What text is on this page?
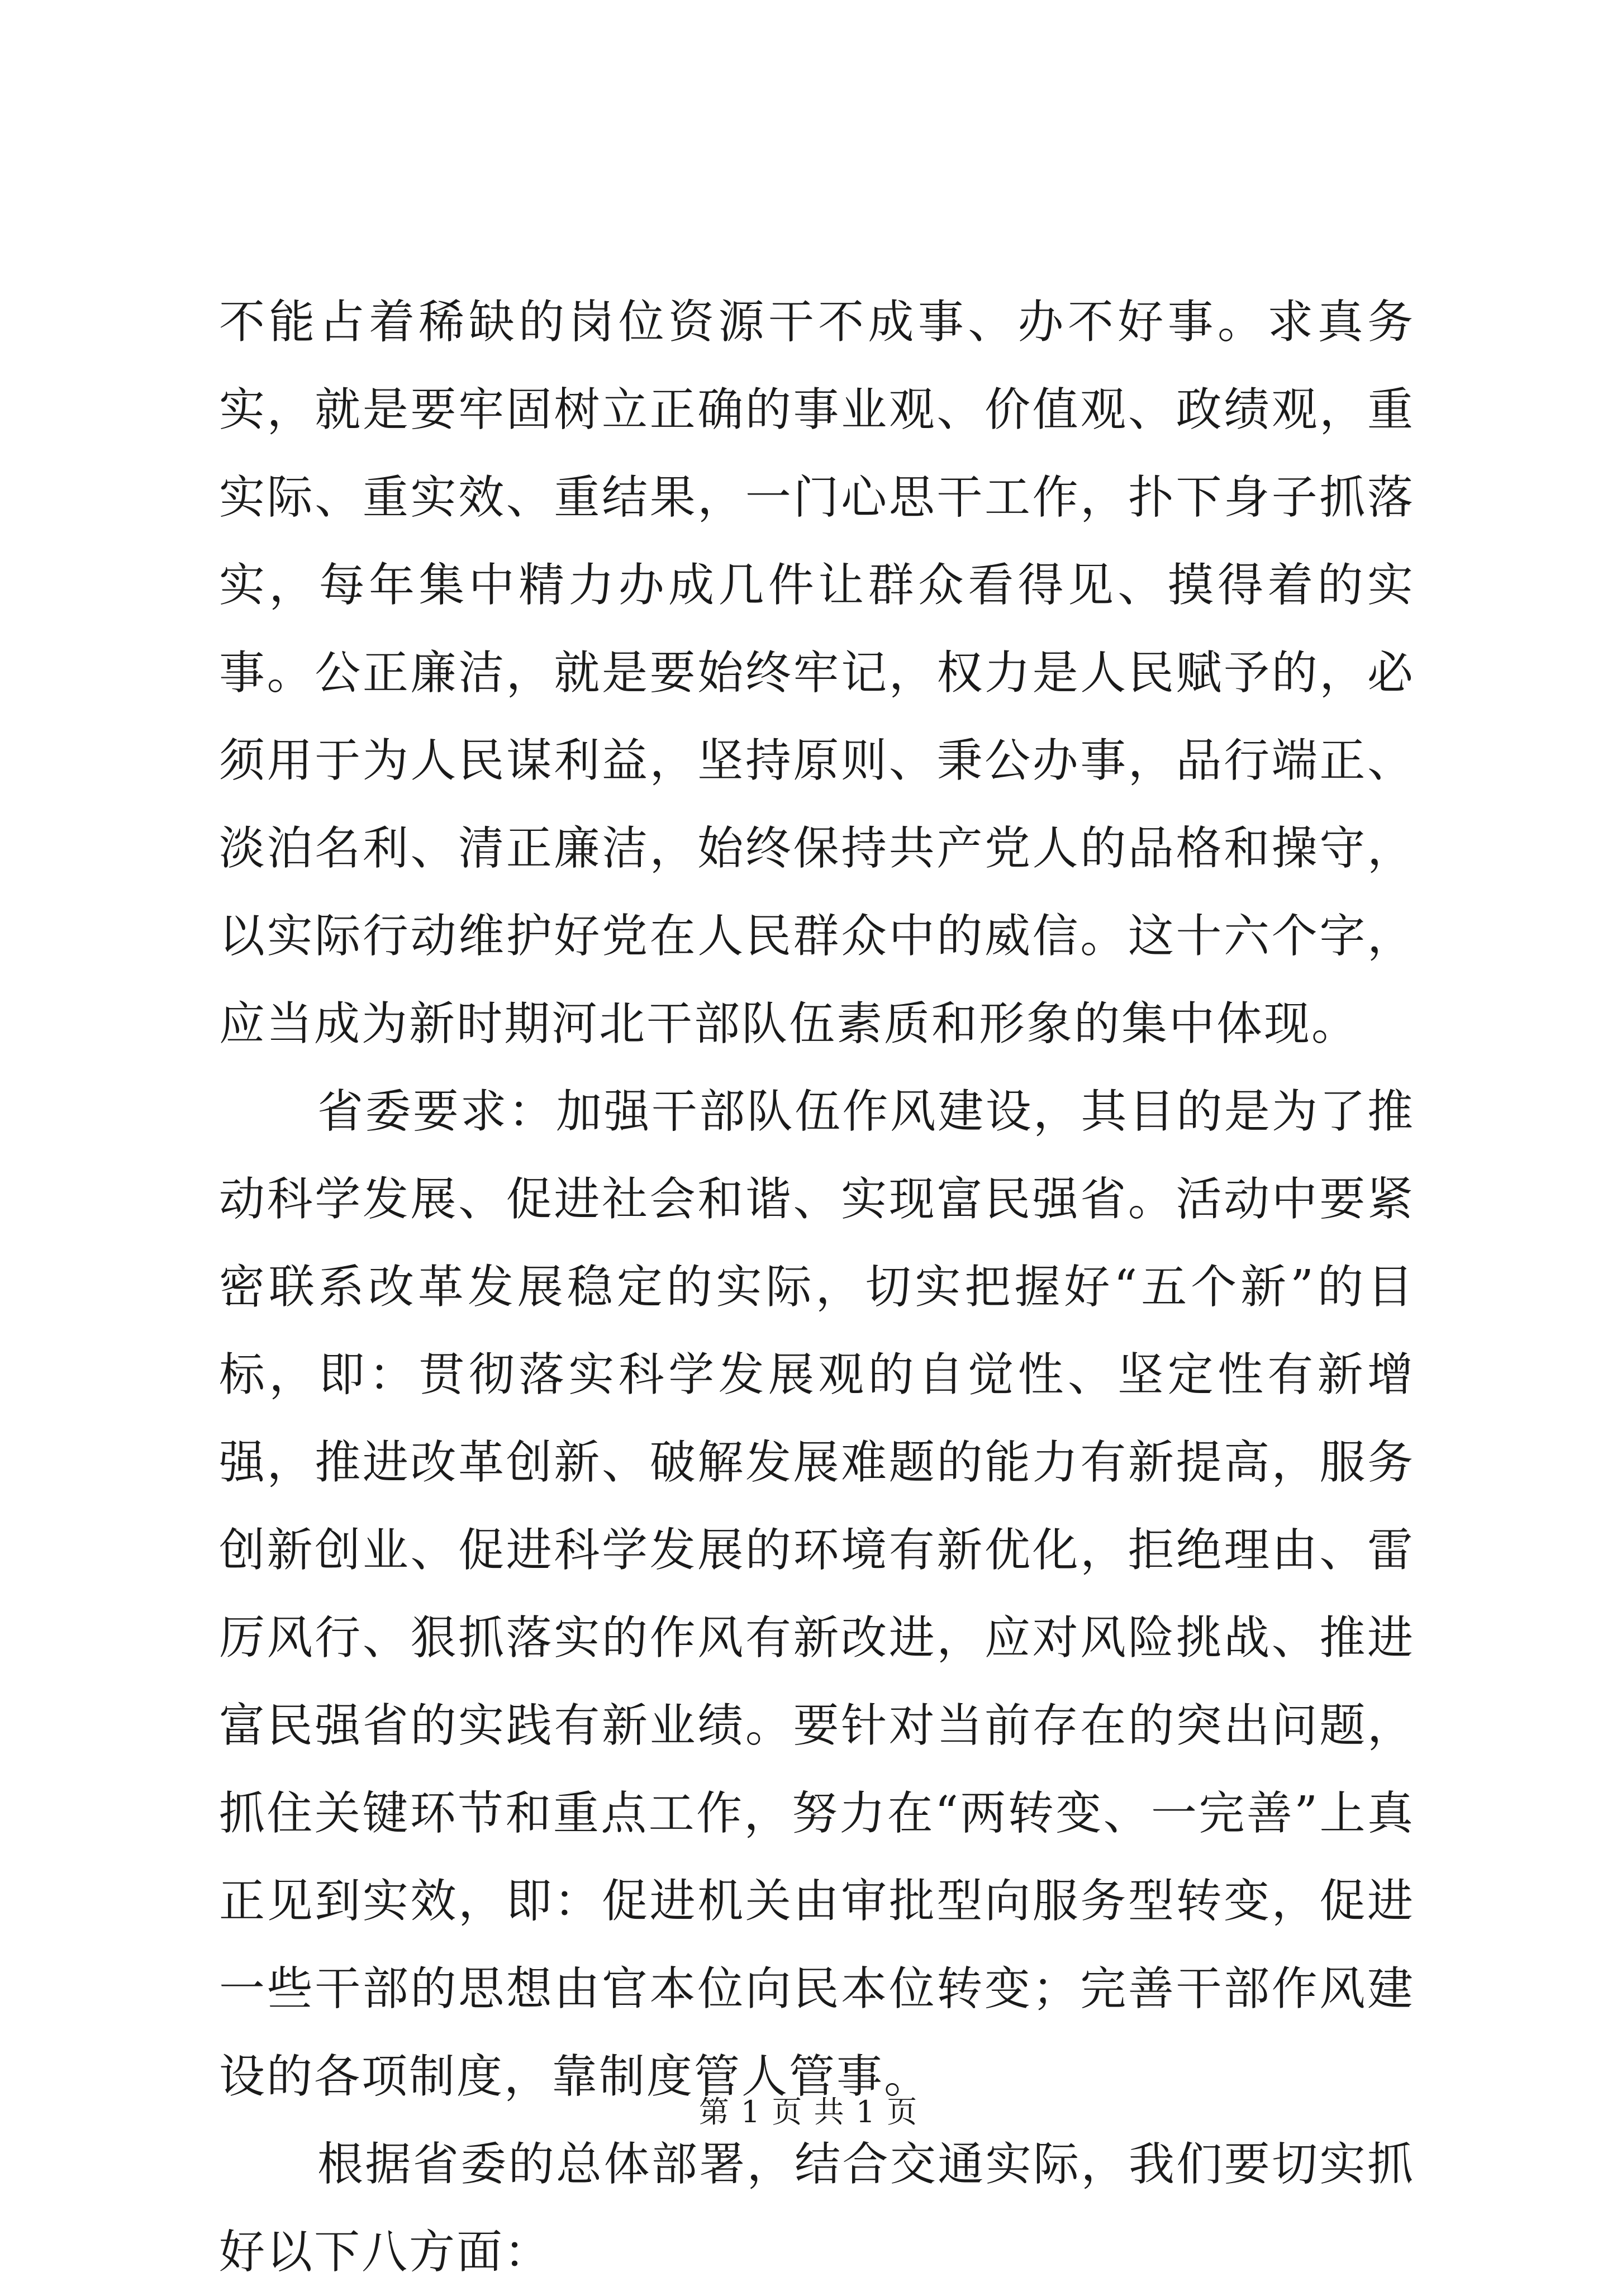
不能占着稀缺的岗位资源干不成事、办不好事。求真务实，就是要牢固树立正确的事业观、价值观、政绩观，重实际、重实效、重结果，一门心思干工作，扑下身子抓落实，每年集中精力办成几件让群众看得见、摸得着的实事。公正廉洁，就是要始终牢记，权力是人民赋予的，必须用于为人民谋利益，坚持原则、秉公办事，品行端正、淡泊名利、清正廉洁，始终保持共产党人的品格和操守，以实际行动维护好党在人民群众中的威信。这十六个字，应当成为新时期河北干部队伍素质和形象的集中体现。

省委要求：加强干部队伍作风建设，其目的是为了推动科学发展、促进社会和谐、实现富民强省。活动中要紧密联系改革发展稳定的实际，切实把握好“五个新”的目标，即：贯彻落实科学发展观的自觉性、坚定性有新增强，推进改革创新、破解发展难题的能力有新提高，服务创新创业、促进科学发展的环境有新优化，拒绝理由、雷厉风行、狠抓落实的作风有新改进，应对风险挑战、推进富民强省的实践有新业绩。要针对当前存在的突出问题，抓住关键环节和重点工作，努力在“两转变、一完善”上真正见到实效，即：促进机关由审批型向服务型转变，促进一些干部的思想由官本位向民本位转变；完善干部作风建设的各项制度，靠制度管人管事。

根据省委的总体部署，结合交通实际，我们要切实抓好以下八方面：

第 1 页 共 1 页
